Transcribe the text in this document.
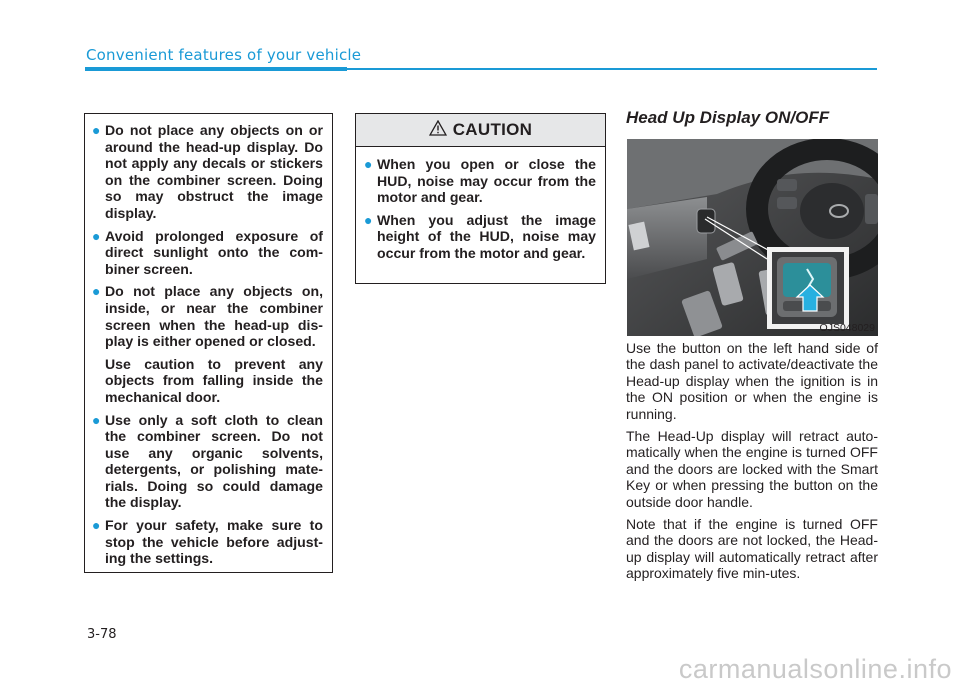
Convenient features of your vehicle
● Do not place any objects on or around the head-up display. Do not apply any decals or stickers on the combiner screen. Doing so may obstruct the image display.

● Avoid prolonged exposure of direct sunlight onto the com-biner screen.

● Do not place any objects on, inside, or near the combiner screen when the head-up dis-play is either opened or closed.

Use caution to prevent any objects from falling inside the mechanical door.

● Use only a soft cloth to clean the combiner screen. Do not use any organic solvents, detergents, or polishing mate-rials. Doing so could damage the display.

● For your safety, make sure to stop the vehicle before adjust-ing the settings.

CAUTION
● When you open or close the HUD, noise may occur from the motor and gear.

● When you adjust the image height of the HUD, noise may occur from the motor and gear.

Head Up Display ON/OFF
OJS048029

Use the button on the left hand side of the dash panel to activate/deactivate the Head-up display when the ignition is in the ON position or when the engine is running.

The Head-Up display will retract auto-matically when the engine is turned OFF and the doors are locked with the Smart Key or when pressing the button on the outside door handle.

Note that if the engine is turned OFF and the doors are not locked, the Head-up display will automatically retract after approximately five min-utes.

3-78
carmanualsonline.info
